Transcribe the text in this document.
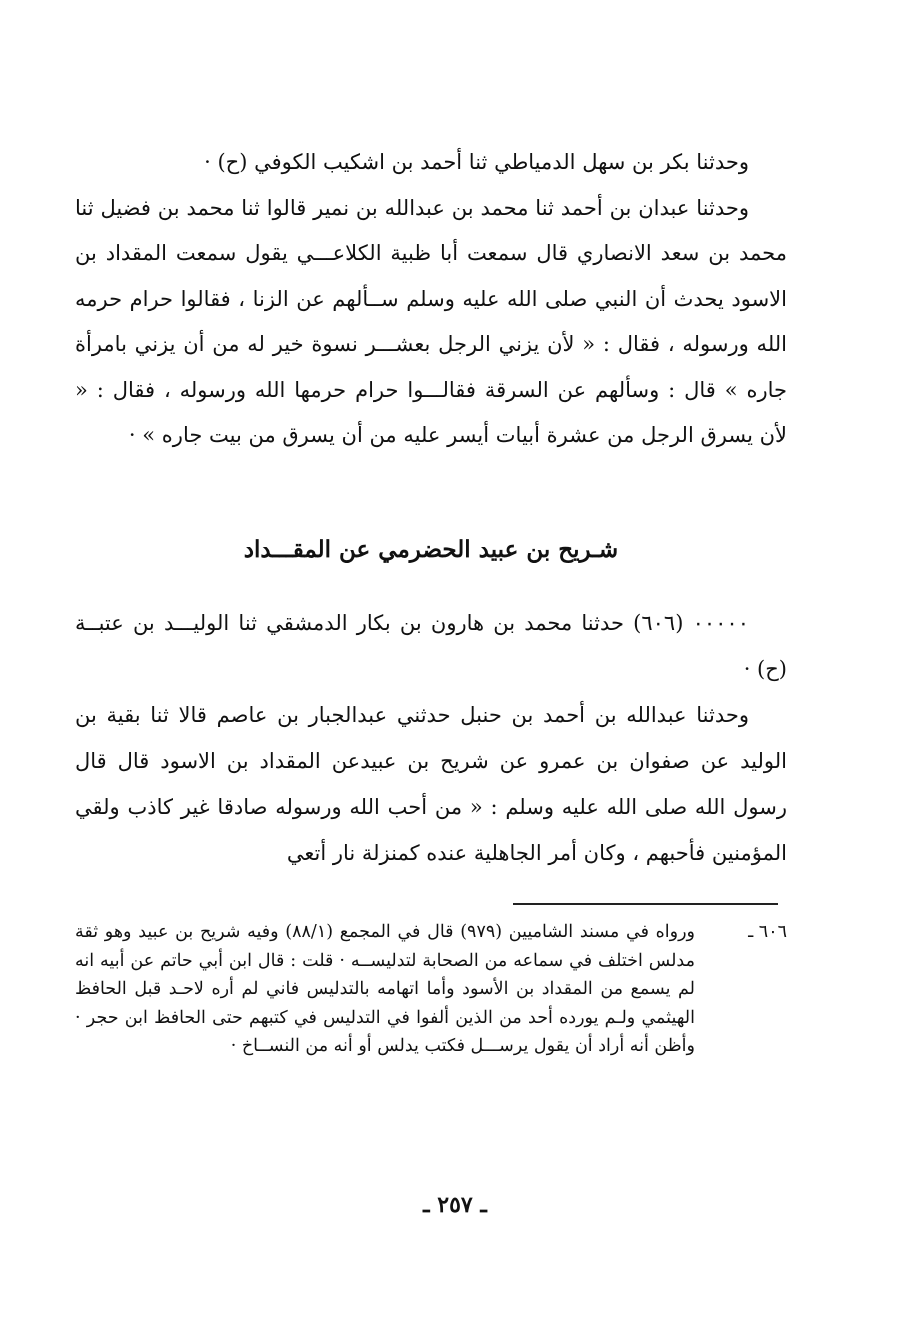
وحدثنا بكر بن سهل الدمياطي ثنا أحمد بن اشكيب الكوفي (ح) ·

وحدثنا عبدان بن أحمد ثنا محمد بن عبدالله بن نمير قالوا ثنا محمد بن فضيل ثنا محمد بن سعد الانصاري قال سمعت أبا ظبية الكلاعـــي يقول سمعت المقداد بن الاسود يحدث أن النبي صلى الله عليه وسلم ســألهم عن الزنا ، فقالوا حرام حرمه الله ورسوله ، فقال : « لأن يزني الرجل بعشـــر نسوة خير له من أن يزني بامرأة جاره » قال : وسألهم عن السرقة فقالـــوا حرام حرمها الله ورسوله ، فقال : « لأن يسرق الرجل من عشرة أبيات أيسر عليه من أن يسرق من بيت جاره » ·

شـريح بن عبيد الحضرمي عن المقـــداد

٠٠٠٠٠ (٦٠٦) حدثنا محمد بن هارون بن بكار الدمشقي ثنا الوليـــد بن عتبــة (ح) ·

وحدثنا عبدالله بن أحمد بن حنبل حدثني عبدالجبار بن عاصم قالا ثنا بقية بن الوليد عن صفوان بن عمرو عن شريح بن عبيدعن المقداد بن الاسود قال قال رسول الله صلى الله عليه وسلم : « من أحب الله ورسوله صادقا غير كاذب ولقي المؤمنين فأحبهم ، وكان أمر الجاهلية عنده كمنزلة نار أتعي

٦٠٦ ـ
ورواه في مسند الشاميين (٩٧٩) قال في المجمع (٨٨/١) وفيه شريح بن عبيد وهو ثقة مدلس اختلف في سماعه من الصحابة لتدليســه · قلت : قال ابن أبي حاتم عن أبيه انه لم يسمع من المقداد بن الأسود وأما اتهامه بالتدليس فاني لم أره لاحـد قبل الحافظ الهيثمي ولـم يورده أحد من الذين ألفوا في التدليس في كتبهم حتى الحافظ ابن حجر · وأظن أنه أراد أن يقول يرســـل فكتب يدلس أو أنه من النســاخ ·
ـ ٢٥٧ ـ
